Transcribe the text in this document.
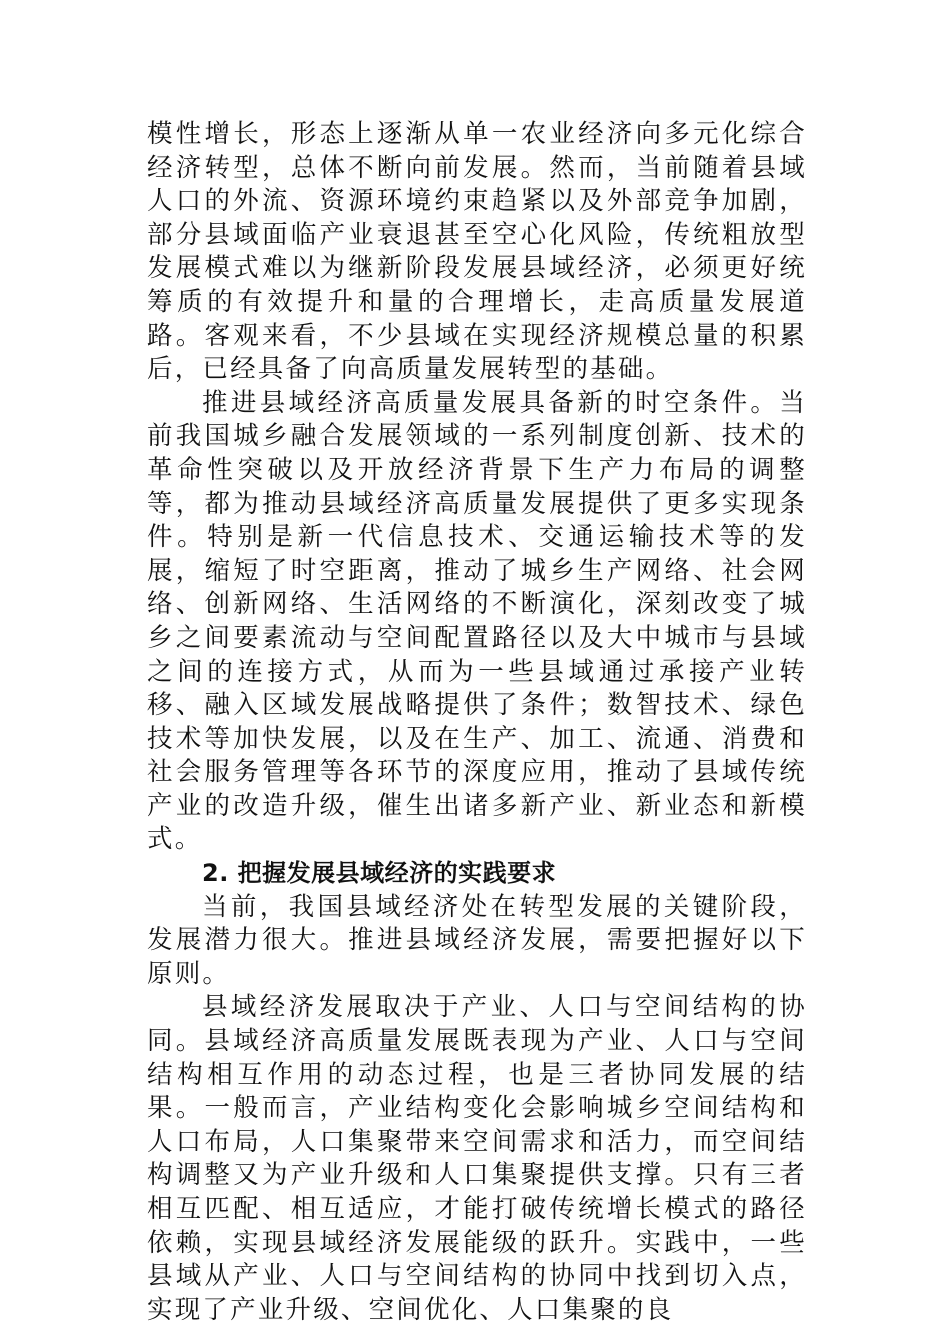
模性增长，形态上逐渐从单一农业经济向多元化综合经济转型，总体不断向前发展。然而，当前随着县域人口的外流、资源环境约束趋紧以及外部竞争加剧，部分县域面临产业衰退甚至空心化风险，传统粗放型发展模式难以为继新阶段发展县域经济，必须更好统筹质的有效提升和量的合理增长，走高质量发展道路。客观来看，不少县域在实现经济规模总量的积累后，已经具备了向高质量发展转型的基础。

推进县域经济高质量发展具备新的时空条件。当前我国城乡融合发展领域的一系列制度创新、技术的革命性突破以及开放经济背景下生产力布局的调整等，都为推动县域经济高质量发展提供了更多实现条件。特别是新一代信息技术、交通运输技术等的发展，缩短了时空距离，推动了城乡生产网络、社会网络、创新网络、生活网络的不断演化，深刻改变了城乡之间要素流动与空间配置路径以及大中城市与县域之间的连接方式，从而为一些县域通过承接产业转移、融入区域发展战略提供了条件；数智技术、绿色技术等加快发展，以及在生产、加工、流通、消费和社会服务管理等各环节的深度应用，推动了县域传统产业的改造升级，催生出诸多新产业、新业态和新模式。

2. 把握发展县域经济的实践要求

当前，我国县域经济处在转型发展的关键阶段，发展潜力很大。推进县域经济发展，需要把握好以下原则。

县域经济发展取决于产业、人口与空间结构的协同。县域经济高质量发展既表现为产业、人口与空间结构相互作用的动态过程，也是三者协同发展的结果。一般而言，产业结构变化会影响城乡空间结构和人口布局，人口集聚带来空间需求和活力，而空间结构调整又为产业升级和人口集聚提供支撑。只有三者相互匹配、相互适应，才能打破传统增长模式的路径依赖，实现县域经济发展能级的跃升。实践中，一些县域从产业、人口与空间结构的协同中找到切入点，实现了产业升级、空间优化、人口集聚的良
